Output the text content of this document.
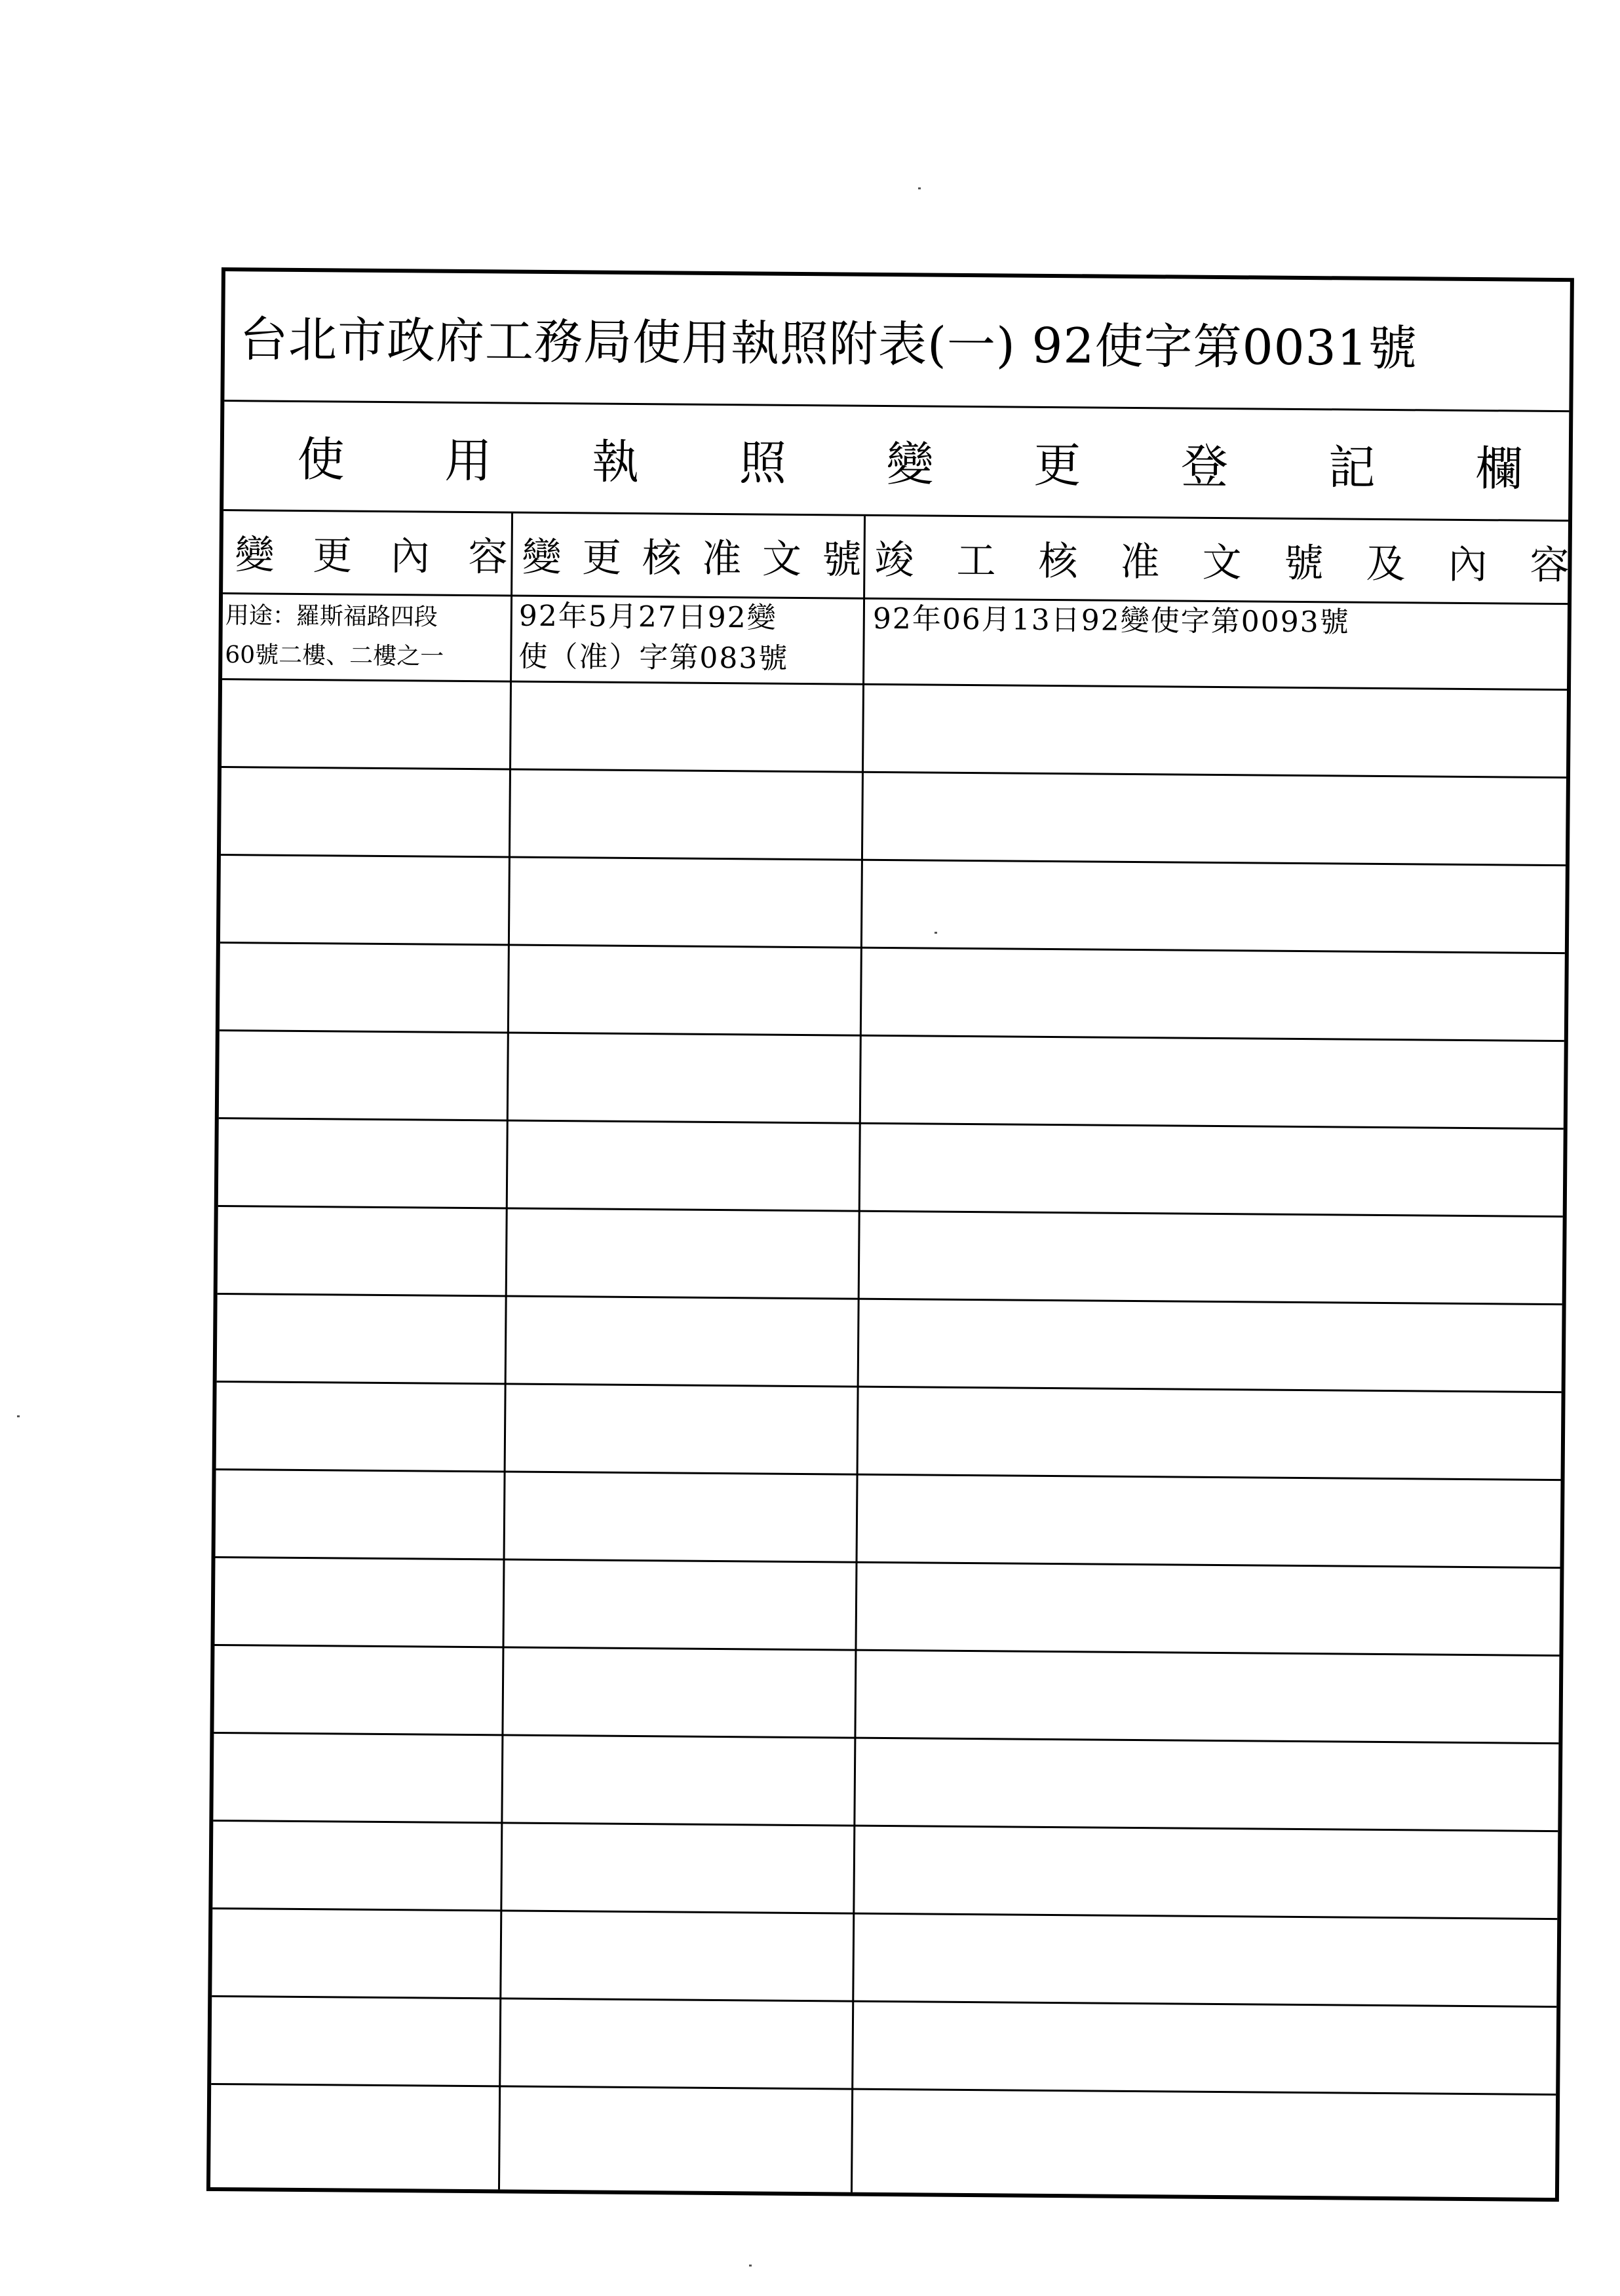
台北市政府工務局使用執照附表(一) 92使字第0031號
使 用 執 照 變 更 登 記 欄
變 更 內 容 變 更 核 准 文 號 竣 工 核 准 文 號 及 內 容
用途：羅斯福路四段
60號二樓、二樓之一
92年5月27日92變
使（准）字第083號
92年06月13日92變使字第0093號
